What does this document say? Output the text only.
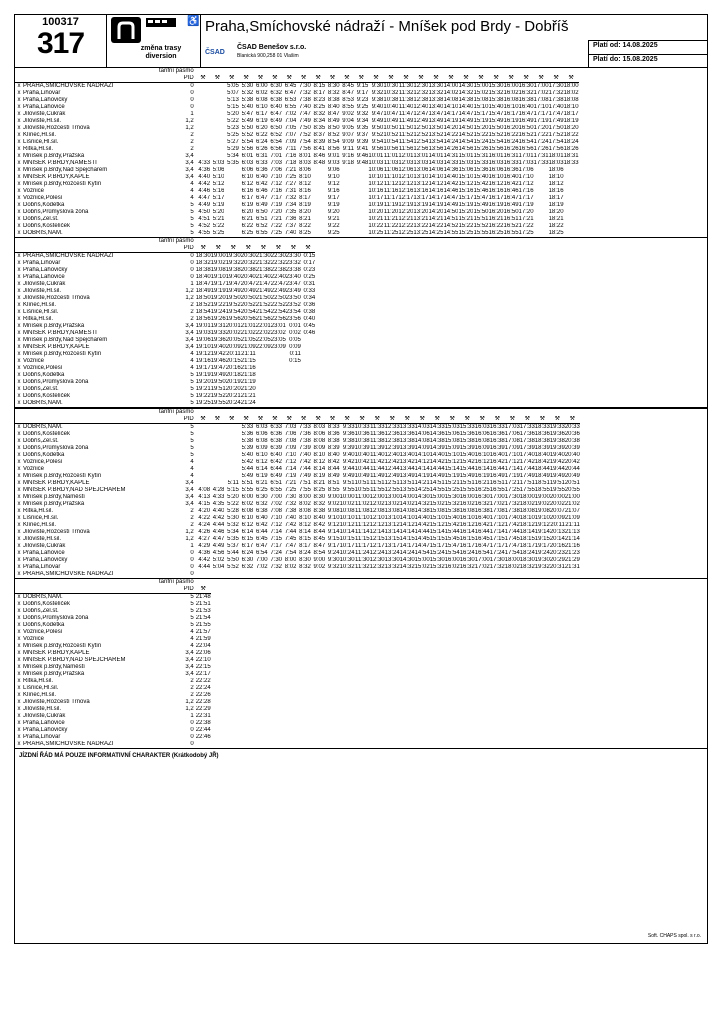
100317
317
♿
změna trasy diversion
Praha,Smíchovské nádraží - Mníšek pod Brdy - Dobříš
ČSAD
ČSAD Benešov s.r.o.
Blanická 900,258 01 Vlašim
Platí od: 14.08.2025
Platí do: 15.08.2025
		tarifní pásmo																										
		PID	⚒	⚒	⚒	⚒	⚒	⚒	⚒	⚒	⚒	⚒	⚒	⚒	⚒	⚒	⚒	⚒	⚒	⚒	⚒	⚒	⚒	⚒	⚒	⚒	⚒	⚒
x	PRAHA,SMÍCHOVSKÉ NÁDRAŽÍ	0			5:05	5:30	6:00	6:30	6:45	7:30	8:15	8:30	8:45	9:15	9:30	10:30	11:30	12:30	13:30	14:00	14:30	15:00	15:30	16:00	16:30	17:00	17:30	18:00
x	Praha,Lihovar	0			5:07	5:32	6:02	6:32	6:47	7:32	8:17	8:32	8:47	9:17	9:32	10:32	11:32	12:32	13:32	14:02	14:32	15:02	15:32	16:02	16:32	17:02	17:32	18:02
x	Praha,Lahovičky	0			5:13	5:38	6:08	6:38	6:53	7:38	8:23	8:38	8:53	9:23	9:38	10:38	11:38	12:38	13:38	14:08	14:38	15:08	15:38	16:08	16:38	17:08	17:38	18:08
x	Praha,Lahovice	0			5:15	5:40	6:10	6:40	6:55	7:40	8:25	8:40	8:55	9:25	9:40	10:40	11:40	12:40	13:40	14:10	14:40	15:10	15:40	16:10	16:40	17:10	17:40	18:10
x	Jílovište,Cukrák	1			5:20	5:47	6:17	6:47	7:02	7:47	8:32	8:47	9:02	9:32	9:47	10:47	11:47	12:47	13:47	14:17	14:47	15:17	15:47	16:17	16:47	17:17	17:47	18:17
x	Jílovište,Hl.sil.	1,2			5:22	5:49	6:19	6:49	7:04	7:49	8:34	8:49	9:04	9:34	9:49	10:49	11:49	12:49	13:49	14:19	14:49	15:19	15:49	16:19	16:49	17:19	17:49	18:19
x	Jílovište,Rozcestí Trnová	1,2			5:23	5:50	6:20	6:50	7:05	7:50	8:35	8:50	9:05	9:35	9:50	10:50	11:50	12:50	13:50	14:20	14:50	15:20	15:50	16:20	16:50	17:20	17:50	18:20
x	Klínec,Hl.sil.	2			5:25	5:52	6:22	6:52	7:07	7:52	8:37	8:52	9:07	9:37	9:52	10:52	11:52	12:52	13:52	14:22	14:52	15:22	15:52	16:22	16:52	17:22	17:52	18:22
x	Líšnice,Hl.sil.	2			5:27	5:54	6:24	6:54	7:09	7:54	8:39	8:54	9:09	9:39	9:54	10:54	11:54	12:54	13:54	14:24	14:54	15:24	15:54	16:24	16:54	17:24	17:54	18:24
x	Řitka,Hl.sil.	2			5:29	5:56	6:26	6:56	7:11	7:56	8:41	8:56	9:11	9:41	9:56	10:56	11:56	12:56	13:56	14:26	14:56	15:26	15:56	16:26	16:56	17:26	17:56	18:26
x	Mníšek p.Brdy,Pražská	3,4			5:34	6:01	6:31	7:01	7:16	8:01	8:46	9:01	9:16	9:46	10:01	11:01	12:01	13:01	14:01	14:31	15:01	15:31	16:01	16:31	17:01	17:31	18:01	18:31
x	MNÍŠEK P.BRDY,NÁMĚSTÍ	3,4	4:33	5:03	5:35	6:03	6:33	7:03	7:18	8:03	8:48	9:03	9:18	9:48	10:03	11:03	12:03	13:03	14:03	14:33	15:03	15:33	16:03	16:33	17:03	17:33	18:03	18:33
x	Mníšek p.Brdy,Nad Špejcharem	3,4	4:36	5:06		6:06	6:36	7:06	7:21	8:06		9:06			10:06	11:06	12:06	13:06	14:06	14:36	15:06	15:36	16:06	16:36	17:06		18:06	
x	MNÍŠEK P.BRDY,KAPLE	3,4	4:40	5:10		6:10	6:40	7:10	7:25	8:10		9:10			10:10	11:10	12:10	13:10	14:10	14:40	15:10	15:40	16:10	16:40	17:10		18:10	
x	Mníšek p.Brdy,Rozcestí Kytín	4	4:42	5:12		6:12	6:42	7:12	7:27	8:12		9:12			10:12	11:12	12:12	13:12	14:12	14:42	15:12	15:42	16:12	16:42	17:12		18:12	
x	Voznice	4	4:46	5:16		6:16	6:46	7:16	7:31	8:16		9:16			10:16	11:16	12:16	13:16	14:16	14:46	15:16	15:46	16:16	16:46	17:16		18:16	
x	Voznice,Polesí	4	4:47	5:17		6:17	6:47	7:17	7:32	8:17		9:17			10:17	11:17	12:17	13:17	14:17	14:47	15:17	15:47	16:17	16:47	17:17		18:17	
x	Dobříš,Kodetka	5	4:49	5:19		6:19	6:49	7:19	7:34	8:19		9:19			10:19	11:19	12:19	13:19	14:19	14:49	15:19	15:49	16:19	16:49	17:19		18:19	
x	Dobříš,Průmyslová zóna	5	4:50	5:20		6:20	6:50	7:20	7:35	8:20		9:20			10:20	11:20	12:20	13:20	14:20	14:50	15:20	15:50	16:20	16:50	17:20		18:20	
x	Dobříš,Žel.st.	5	4:51	5:21		6:21	6:51	7:21	7:36	8:21		9:21			10:21	11:21	12:21	13:21	14:21	14:51	15:21	15:51	16:21	16:51	17:21		18:21	
x	Dobříš,Kostelíček	5	4:52	5:22		6:22	6:52	7:22	7:37	8:22		9:22			10:22	11:22	12:22	13:22	14:22	14:52	15:22	15:52	16:22	16:52	17:22		18:22	
x	DOBŘÍŠ,NÁM.	5	4:55	5:25		6:25	6:55	7:25	7:40	8:25		9:25			10:25	11:25	12:25	13:25	14:25	14:55	15:25	15:55	16:25	16:55	17:25		18:25	
		tarifní pásmo								
		PID	⚒	⚒	⚒	⚒	⚒	⚒	⚒	⚒
x	PRAHA,SMÍCHOVSKÉ NÁDRAŽÍ	0	18:30	19:00	19:30	20:30	21:30	22:30	23:30	0:15
x	Praha,Lihovar	0	18:32	19:02	19:32	20:32	21:32	22:32	23:32	0:17
x	Praha,Lahovičky	0	18:38	19:08	19:38	20:38	21:38	22:38	23:38	0:23
x	Praha,Lahovice	0	18:40	19:10	19:40	20:40	21:40	22:40	23:40	0:25
x	Jílovište,Cukrák	1	18:47	19:17	19:47	20:47	21:47	22:47	23:47	0:31
x	Jílovište,Hl.sil.	1,2	18:49	19:19	19:49	20:49	21:49	22:49	23:49	0:33
x	Jílovište,Rozcestí Trnová	1,2	18:50	19:20	19:50	20:50	21:50	22:50	23:50	0:34
x	Klínec,Hl.sil.	2	18:52	19:22	19:52	20:52	21:52	22:52	23:52	0:36
x	Líšnice,Hl.sil.	2	18:54	19:24	19:54	20:54	21:54	22:54	23:54	0:38
x	Řitka,Hl.sil.	2	18:56	19:26	19:56	20:56	21:56	22:56	23:56	0:40
x	Mníšek p.Brdy,Pražská	3,4	19:01	19:31	20:01	21:01	22:01	23:01	0:01	0:45
x	MNÍŠEK P.BRDY,NÁMĚSTÍ	3,4	19:03	19:33	20:02	21:02	22:02	23:02	0:02	0:46
x	Mníšek p.Brdy,Nad Špejcharem	3,4	19:06	19:36	20:05	21:05	22:05	23:05	0:05	
x	MNÍŠEK P.BRDY,KAPLE	3,4	19:10	19:40	20:09	21:09	22:09	23:09	0:09	
x	Mníšek p.Brdy,Rozcestí Kytín	4	19:12	19:42	20:11	21:11			0:11	
x	Voznice	4	19:16	19:46	20:15	21:15			0:15	
x	Voznice,Polesí	4	19:17	19:47	20:16	21:16				
x	Dobříš,Kodetka	5	19:19	19:49	20:18	21:18				
x	Dobříš,Průmyslová zóna	5	19:20	19:50	20:19	21:19				
x	Dobříš,Žel.st.	5	19:21	19:51	20:20	21:20				
x	Dobříš,Kostelíček	5	19:22	19:52	20:21	21:21				
x	DOBŘÍŠ,NÁM.	5	19:25	19:55	20:24	21:24				
		tarifní pásmo																										
		PID	⚒	⚒	⚒	⚒	⚒	⚒	⚒	⚒	⚒	⚒	⚒	⚒	⚒	⚒	⚒	⚒	⚒	⚒	⚒	⚒	⚒	⚒	⚒	⚒	⚒	⚒
x	DOBŘÍŠ,NÁM.	5				5:33	6:03	6:33	7:03	7:33	8:03	8:33	9:33	10:33	11:33	12:33	13:33	14:03	14:33	15:03	15:33	16:03	16:33	17:03	17:33	18:33	19:33	20:33
x	Dobříš,Kostelíček	5				5:36	6:06	6:36	7:06	7:36	8:06	8:36	9:36	10:36	11:36	12:36	13:36	14:06	14:36	15:06	15:36	16:06	16:36	17:06	17:36	18:36	19:36	20:36
x	Dobříš,Žel.st.	5				5:38	6:08	6:38	7:08	7:38	8:08	8:38	9:38	10:38	11:38	12:38	13:38	14:08	14:38	15:08	15:38	16:08	16:38	17:08	17:38	18:38	19:38	20:38
x	Dobříš,Průmyslová zóna	5				5:39	6:09	6:39	7:09	7:39	8:09	8:39	9:39	10:39	11:39	12:39	13:39	14:09	14:39	15:09	15:39	16:09	16:39	17:09	17:39	18:39	19:39	20:39
x	Dobříš,Kodetka	5				5:40	6:10	6:40	7:10	7:40	8:10	8:40	9:40	10:40	11:40	12:40	13:40	14:10	14:40	15:10	15:40	16:10	16:40	17:10	17:40	18:40	19:40	20:40
x	Voznice,Polesí	4				5:42	6:12	6:42	7:12	7:42	8:12	8:42	9:42	10:42	11:42	12:42	13:42	14:12	14:42	15:12	15:42	16:12	16:42	17:12	17:42	18:42	19:42	20:42
x	Voznice	4				5:44	6:14	6:44	7:14	7:44	8:14	8:44	9:44	10:44	11:44	12:44	13:44	14:14	14:44	15:14	15:44	16:14	16:44	17:14	17:44	18:44	19:44	20:44
x	Mníšek p.Brdy,Rozcestí Kytín	4				5:49	6:19	6:49	7:19	7:49	8:19	8:49	9:49	10:49	11:49	12:49	13:49	14:19	14:49	15:19	15:49	16:19	16:49	17:19	17:49	18:49	19:49	20:49
x	MNÍŠEK P.BRDY,KAPLE	3,4			5:11	5:51	6:21	6:51	7:21	7:51	8:21	8:51	9:51	10:51	11:51	12:51	13:51	14:21	14:51	15:21	15:51	16:21	16:51	17:21	17:51	18:51	19:51	20:51
x	MNÍŠEK P.BRDY,NAD ŠPEJCHAREM	3,4	4:08	4:28	5:15	5:55	6:25	6:55	7:25	7:55	8:25	8:55	9:55	10:55	11:55	12:55	13:55	14:25	14:55	15:25	15:55	16:25	16:55	17:25	17:55	18:55	19:55	20:55
x	Mníšek p.Brdy,Náměstí	3,4	4:13	4:33	5:20	6:00	6:30	7:00	7:30	8:00	8:30	9:00	10:00	11:00	12:00	13:00	14:00	14:30	15:00	15:30	16:00	16:30	17:00	17:30	18:00	19:00	20:00	21:00
x	Mníšek p.Brdy,Pražská	3,4	4:15	4:35	5:22	6:02	6:32	7:02	7:32	8:02	8:32	9:02	10:02	11:02	12:02	13:02	14:02	14:32	15:02	15:32	16:02	16:32	17:02	17:32	18:02	19:02	20:02	21:02
x	Řitka,Hl.sil.	2	4:20	4:40	5:28	6:08	6:38	7:08	7:38	8:08	8:38	9:08	10:08	11:08	12:08	13:08	14:08	14:38	15:08	15:38	16:08	16:38	17:08	17:38	18:08	19:08	20:07	21:07
x	Líšnice,Hl.sil.	2	4:22	4:42	5:30	6:10	6:40	7:10	7:40	8:10	8:40	9:10	10:10	11:10	12:10	13:10	14:10	14:40	15:10	15:40	16:10	16:40	17:10	17:40	18:10	19:10	20:09	21:09
x	Klínec,Hl.sil.	2	4:24	4:44	5:32	6:12	6:42	7:12	7:42	8:12	8:42	9:12	10:12	11:12	12:12	13:12	14:12	14:42	15:12	15:42	16:12	16:42	17:12	17:42	18:12	19:12	20:11	21:11
x	Jílovište,Rozcestí Trnová	1,2	4:26	4:46	5:34	6:14	6:44	7:14	7:44	8:14	8:44	9:14	10:14	11:14	12:14	13:14	14:14	14:44	15:14	15:44	16:14	16:44	17:14	17:44	18:14	19:14	20:13	21:13
x	Jílovište,Hl.sil.	1,2	4:27	4:47	5:35	6:15	6:45	7:15	7:45	8:15	8:45	9:15	10:15	11:15	12:15	13:15	14:15	14:45	15:15	15:45	16:15	16:45	17:15	17:45	18:15	19:15	20:14	21:14
x	Jílovište,Cukrák	1	4:29	4:49	5:37	6:17	6:47	7:17	7:47	8:17	8:47	9:17	10:17	11:17	12:17	13:17	14:17	14:47	15:17	15:47	16:17	16:47	17:17	17:47	18:17	19:17	20:16	21:16
x	Praha,Lahovice	0	4:36	4:56	5:44	6:24	6:54	7:24	7:54	8:24	8:54	9:24	10:24	11:24	12:24	13:24	14:24	14:54	15:24	15:54	16:24	16:54	17:24	17:54	18:24	19:24	20:23	21:23
x	Praha,Lahovičky	0	4:42	5:02	5:50	6:30	7:00	7:30	8:00	8:30	9:00	9:30	10:30	11:30	12:30	13:30	14:30	15:00	15:30	16:00	16:30	17:00	17:30	18:00	18:30	19:30	20:29	21:29
x	Praha,Lihovar	0	4:44	5:04	5:52	6:32	7:02	7:32	8:02	8:32	9:02	9:32	10:32	11:32	12:32	13:32	14:32	15:02	15:32	16:02	16:32	17:02	17:32	18:02	18:32	19:32	20:31	21:31
x	PRAHA,SMÍCHOVSKÉ NÁDRAŽÍ	0																										
		tarifní pásmo	
		PID	⚒
x	DOBŘÍŠ,NÁM.	5	21:48
x	Dobříš,Kostelíček	5	21:51
x	Dobříš,Žel.st.	5	21:53
x	Dobříš,Průmyslová zóna	5	21:54
x	Dobříš,Kodetka	5	21:55
x	Voznice,Polesí	4	21:57
x	Voznice	4	21:59
x	Mníšek p.Brdy,Rozcestí Kytín	4	22:04
x	MNÍŠEK P.BRDY,KAPLE	3,4	22:06
x	MNÍŠEK P.BRDY,NAD ŠPEJCHAREM	3,4	22:10
x	Mníšek p.Brdy,Náměstí	3,4	22:15
x	Mníšek p.Brdy,Pražská	3,4	22:17
x	Řitka,Hl.sil.	2	22:22
x	Líšnice,Hl.sil.	2	22:24
x	Klínec,Hl.sil.	2	22:26
x	Jílovište,Rozcestí Trnová	1,2	22:28
x	Jílovište,Hl.sil.	1,2	22:29
x	Jílovište,Cukrák	1	22:31
x	Praha,Lahovice	0	22:38
x	Praha,Lahovičky	0	22:44
x	Praha,Lihovar	0	22:46
x	PRAHA,SMÍCHOVSKÉ NÁDRAŽÍ	0	
JÍZDNÍ ŘÁD MÁ POUZE INFORMATIVNÍ CHARAKTER (Krátkodobý JŘ)
Soft. CHAPS spol. s r.o.
